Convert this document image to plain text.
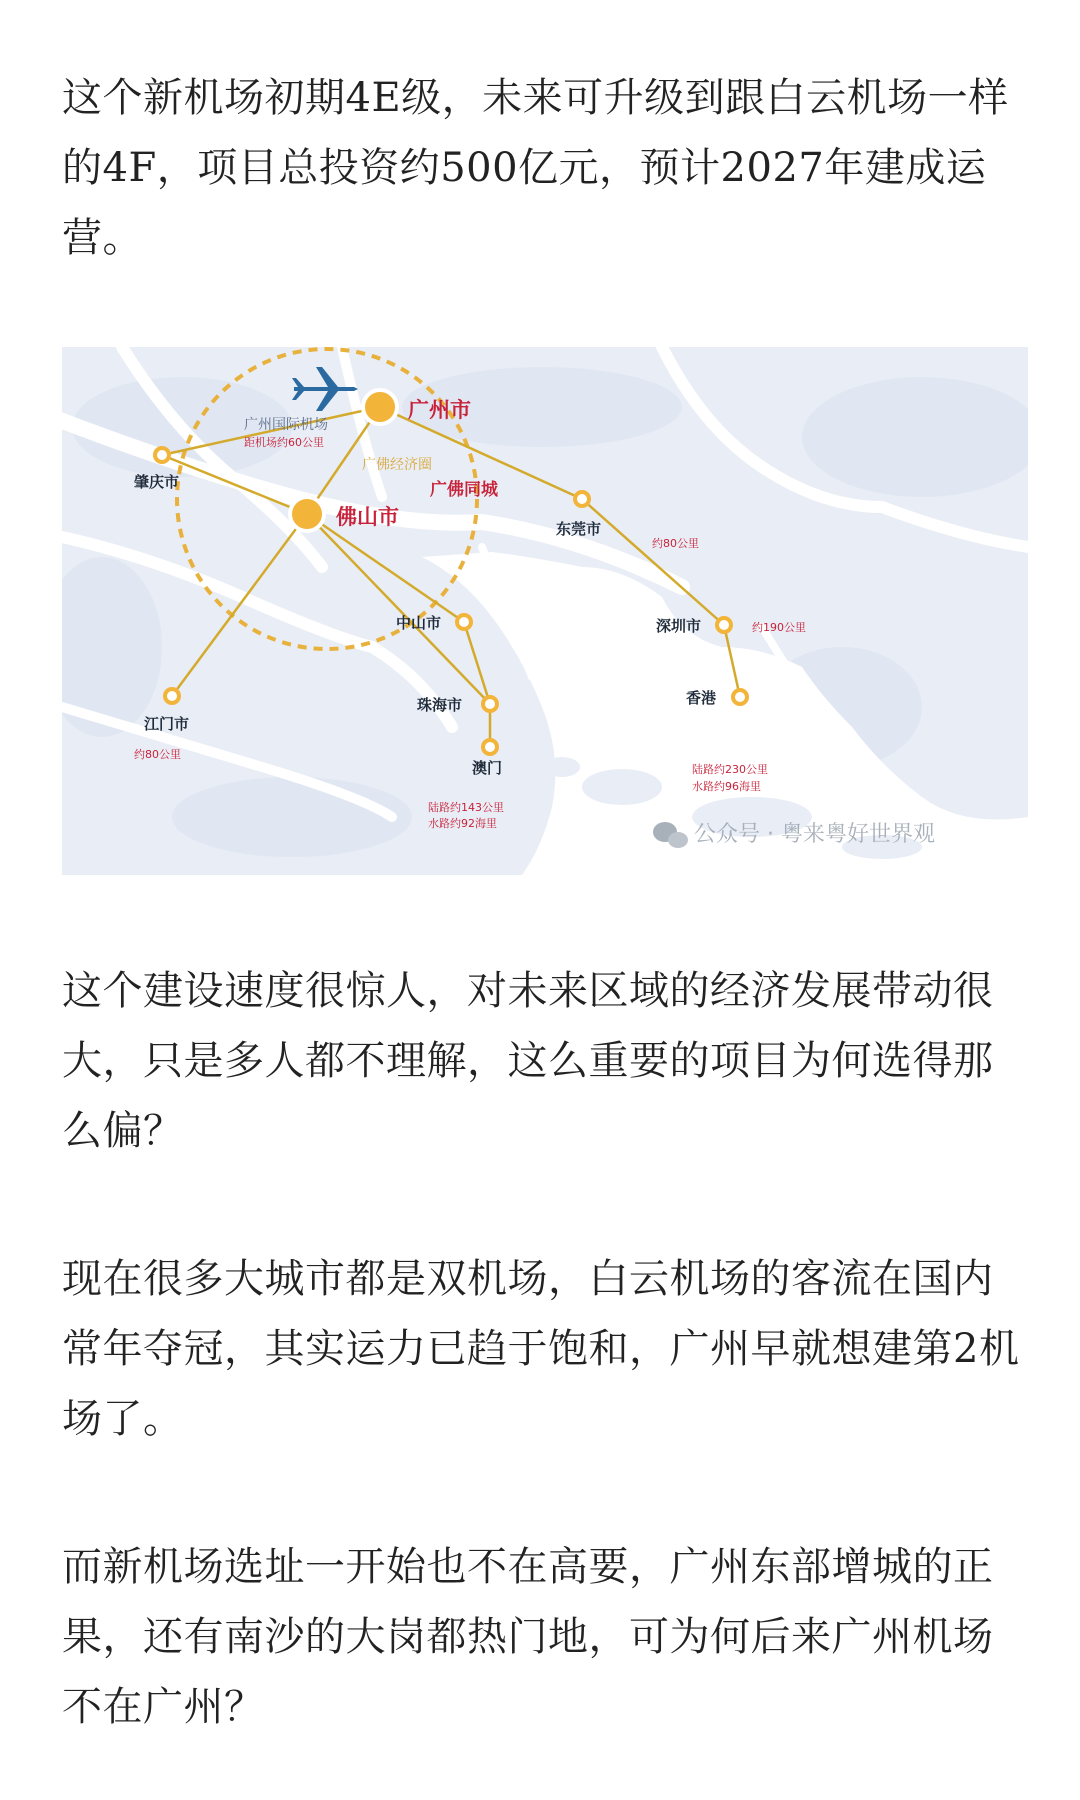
这个新机场初期4E级，未来可升级到跟白云机场一样的4F，项目总投资约500亿元，预计2027年建成运营。

广州市
佛山市
广佛同城
广佛经济圈
广州国际机场
距机场约60公里
肇庆市
东莞市
约80公里
中山市	深圳市	约190公里
江门市
约80公里
珠海市	香港
澳门	陆路约230公里
水路约96海里
陆路约143公里
水路约92海里	公众号 · 粤来粤好世界观

这个建设速度很惊人，对未来区域的经济发展带动很大，只是多人都不理解，这么重要的项目为何选得那么偏？

现在很多大城市都是双机场，白云机场的客流在国内常年夺冠，其实运力已趋于饱和，广州早就想建第2机场了。

而新机场选址一开始也不在高要，广州东部增城的正果，还有南沙的大岗都热门地，可为何后来广州机场不在广州？
